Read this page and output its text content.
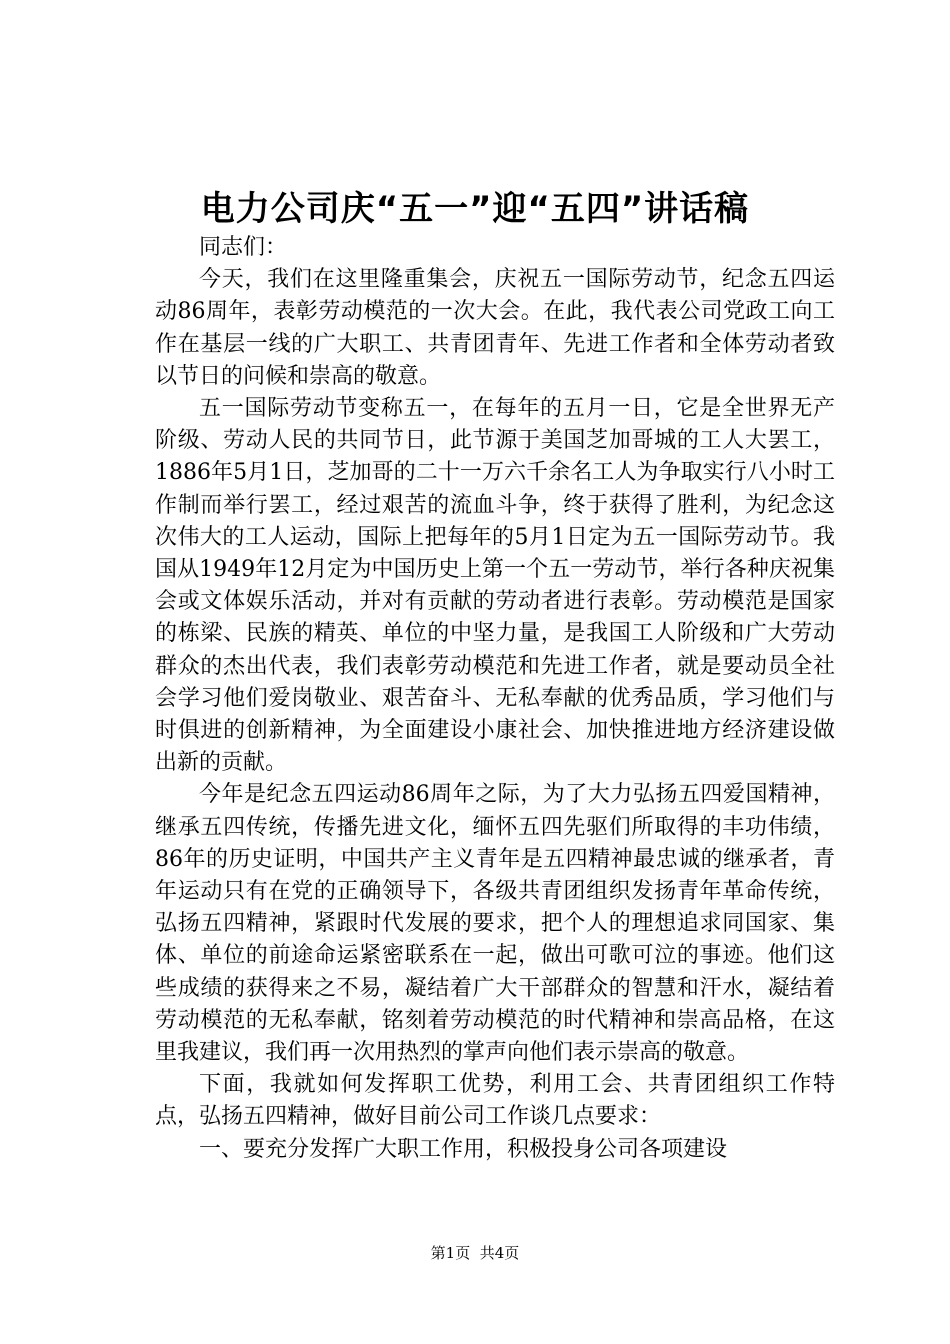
电力公司庆“五一”迎“五四”讲话稿

同志们：

今天，我们在这里隆重集会，庆祝五一国际劳动节，纪念五四运动86周年，表彰劳动模范的一次大会。在此，我代表公司党政工向工作在基层一线的广大职工、共青团青年、先进工作者和全体劳动者致以节日的问候和崇高的敬意。

五一国际劳动节变称五一，在每年的五月一日，它是全世界无产阶级、劳动人民的共同节日，此节源于美国芝加哥城的工人大罢工，1886年5月1日，芝加哥的二十一万六千余名工人为争取实行八小时工作制而举行罢工，经过艰苦的流血斗争，终于获得了胜利，为纪念这次伟大的工人运动，国际上把每年的5月1日定为五一国际劳动节。我国从1949年12月定为中国历史上第一个五一劳动节，举行各种庆祝集会或文体娱乐活动，并对有贡献的劳动者进行表彰。劳动模范是国家的栋梁、民族的精英、单位的中坚力量，是我国工人阶级和广大劳动群众的杰出代表，我们表彰劳动模范和先进工作者，就是要动员全社会学习他们爱岗敬业、艰苦奋斗、无私奉献的优秀品质，学习他们与时俱进的创新精神，为全面建设小康社会、加快推进地方经济建设做出新的贡献。

今年是纪念五四运动86周年之际，为了大力弘扬五四爱国精神，继承五四传统，传播先进文化，缅怀五四先驱们所取得的丰功伟绩，86年的历史证明，中国共产主义青年是五四精神最忠诚的继承者，青年运动只有在党的正确领导下，各级共青团组织发扬青年革命传统，弘扬五四精神，紧跟时代发展的要求，把个人的理想追求同国家、集体、单位的前途命运紧密联系在一起，做出可歌可泣的事迹。他们这些成绩的获得来之不易，凝结着广大干部群众的智慧和汗水，凝结着劳动模范的无私奉献，铭刻着劳动模范的时代精神和崇高品格，在这里我建议，我们再一次用热烈的掌声向他们表示崇高的敬意。

下面，我就如何发挥职工优势，利用工会、共青团组织工作特点，弘扬五四精神，做好目前公司工作谈几点要求：

一、要充分发挥广大职工作用，积极投身公司各项建设

第1页 共4页
